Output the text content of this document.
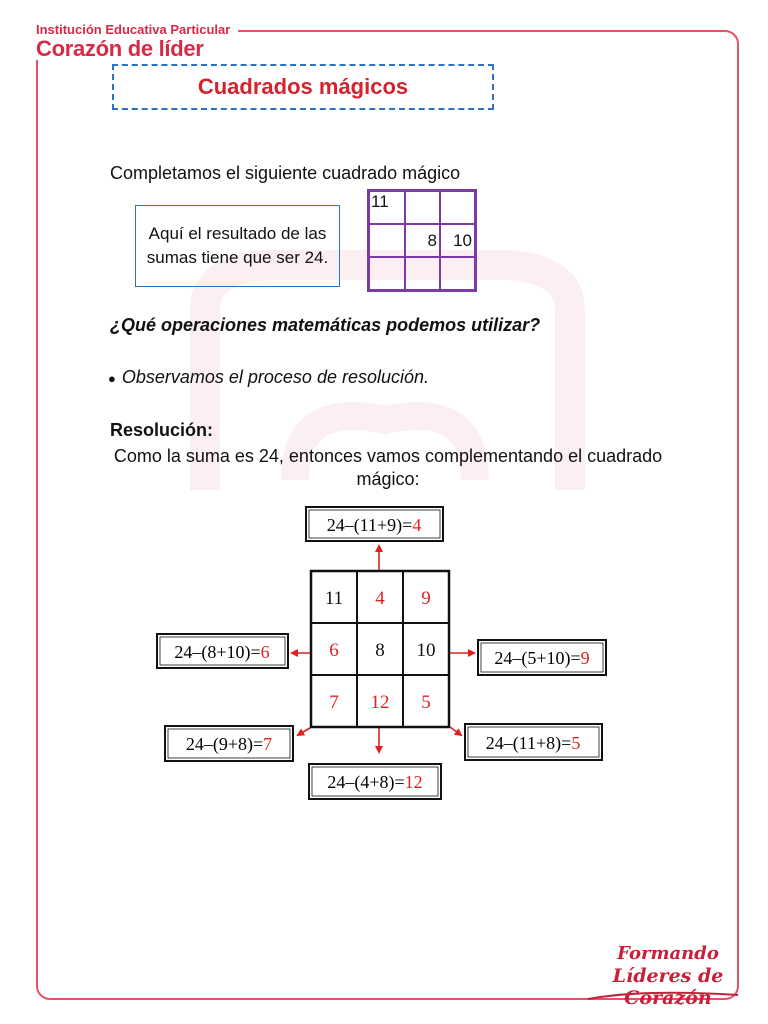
Institución Educativa Particular
Corazón de líder
Cuadrados mágicos
Completamos el siguiente cuadrado mágico
Aquí el resultado de las sumas tiene que ser 24.
11		
	8	10

¿Qué operaciones matemáticas podemos utilizar?
● Observamos el proceso de resolución.
Resolución:
Como la suma es 24, entonces vamos complementando el cuadrado mágico:
24–(11+9)=4
24–(8+10)=6	24–(5+10)=9
24–(9+8)=7
24–(4+8)=12
24–(11+8)=5
11 4 9
6 8 10
7 12 5
Formando
Líderes de Corazón
